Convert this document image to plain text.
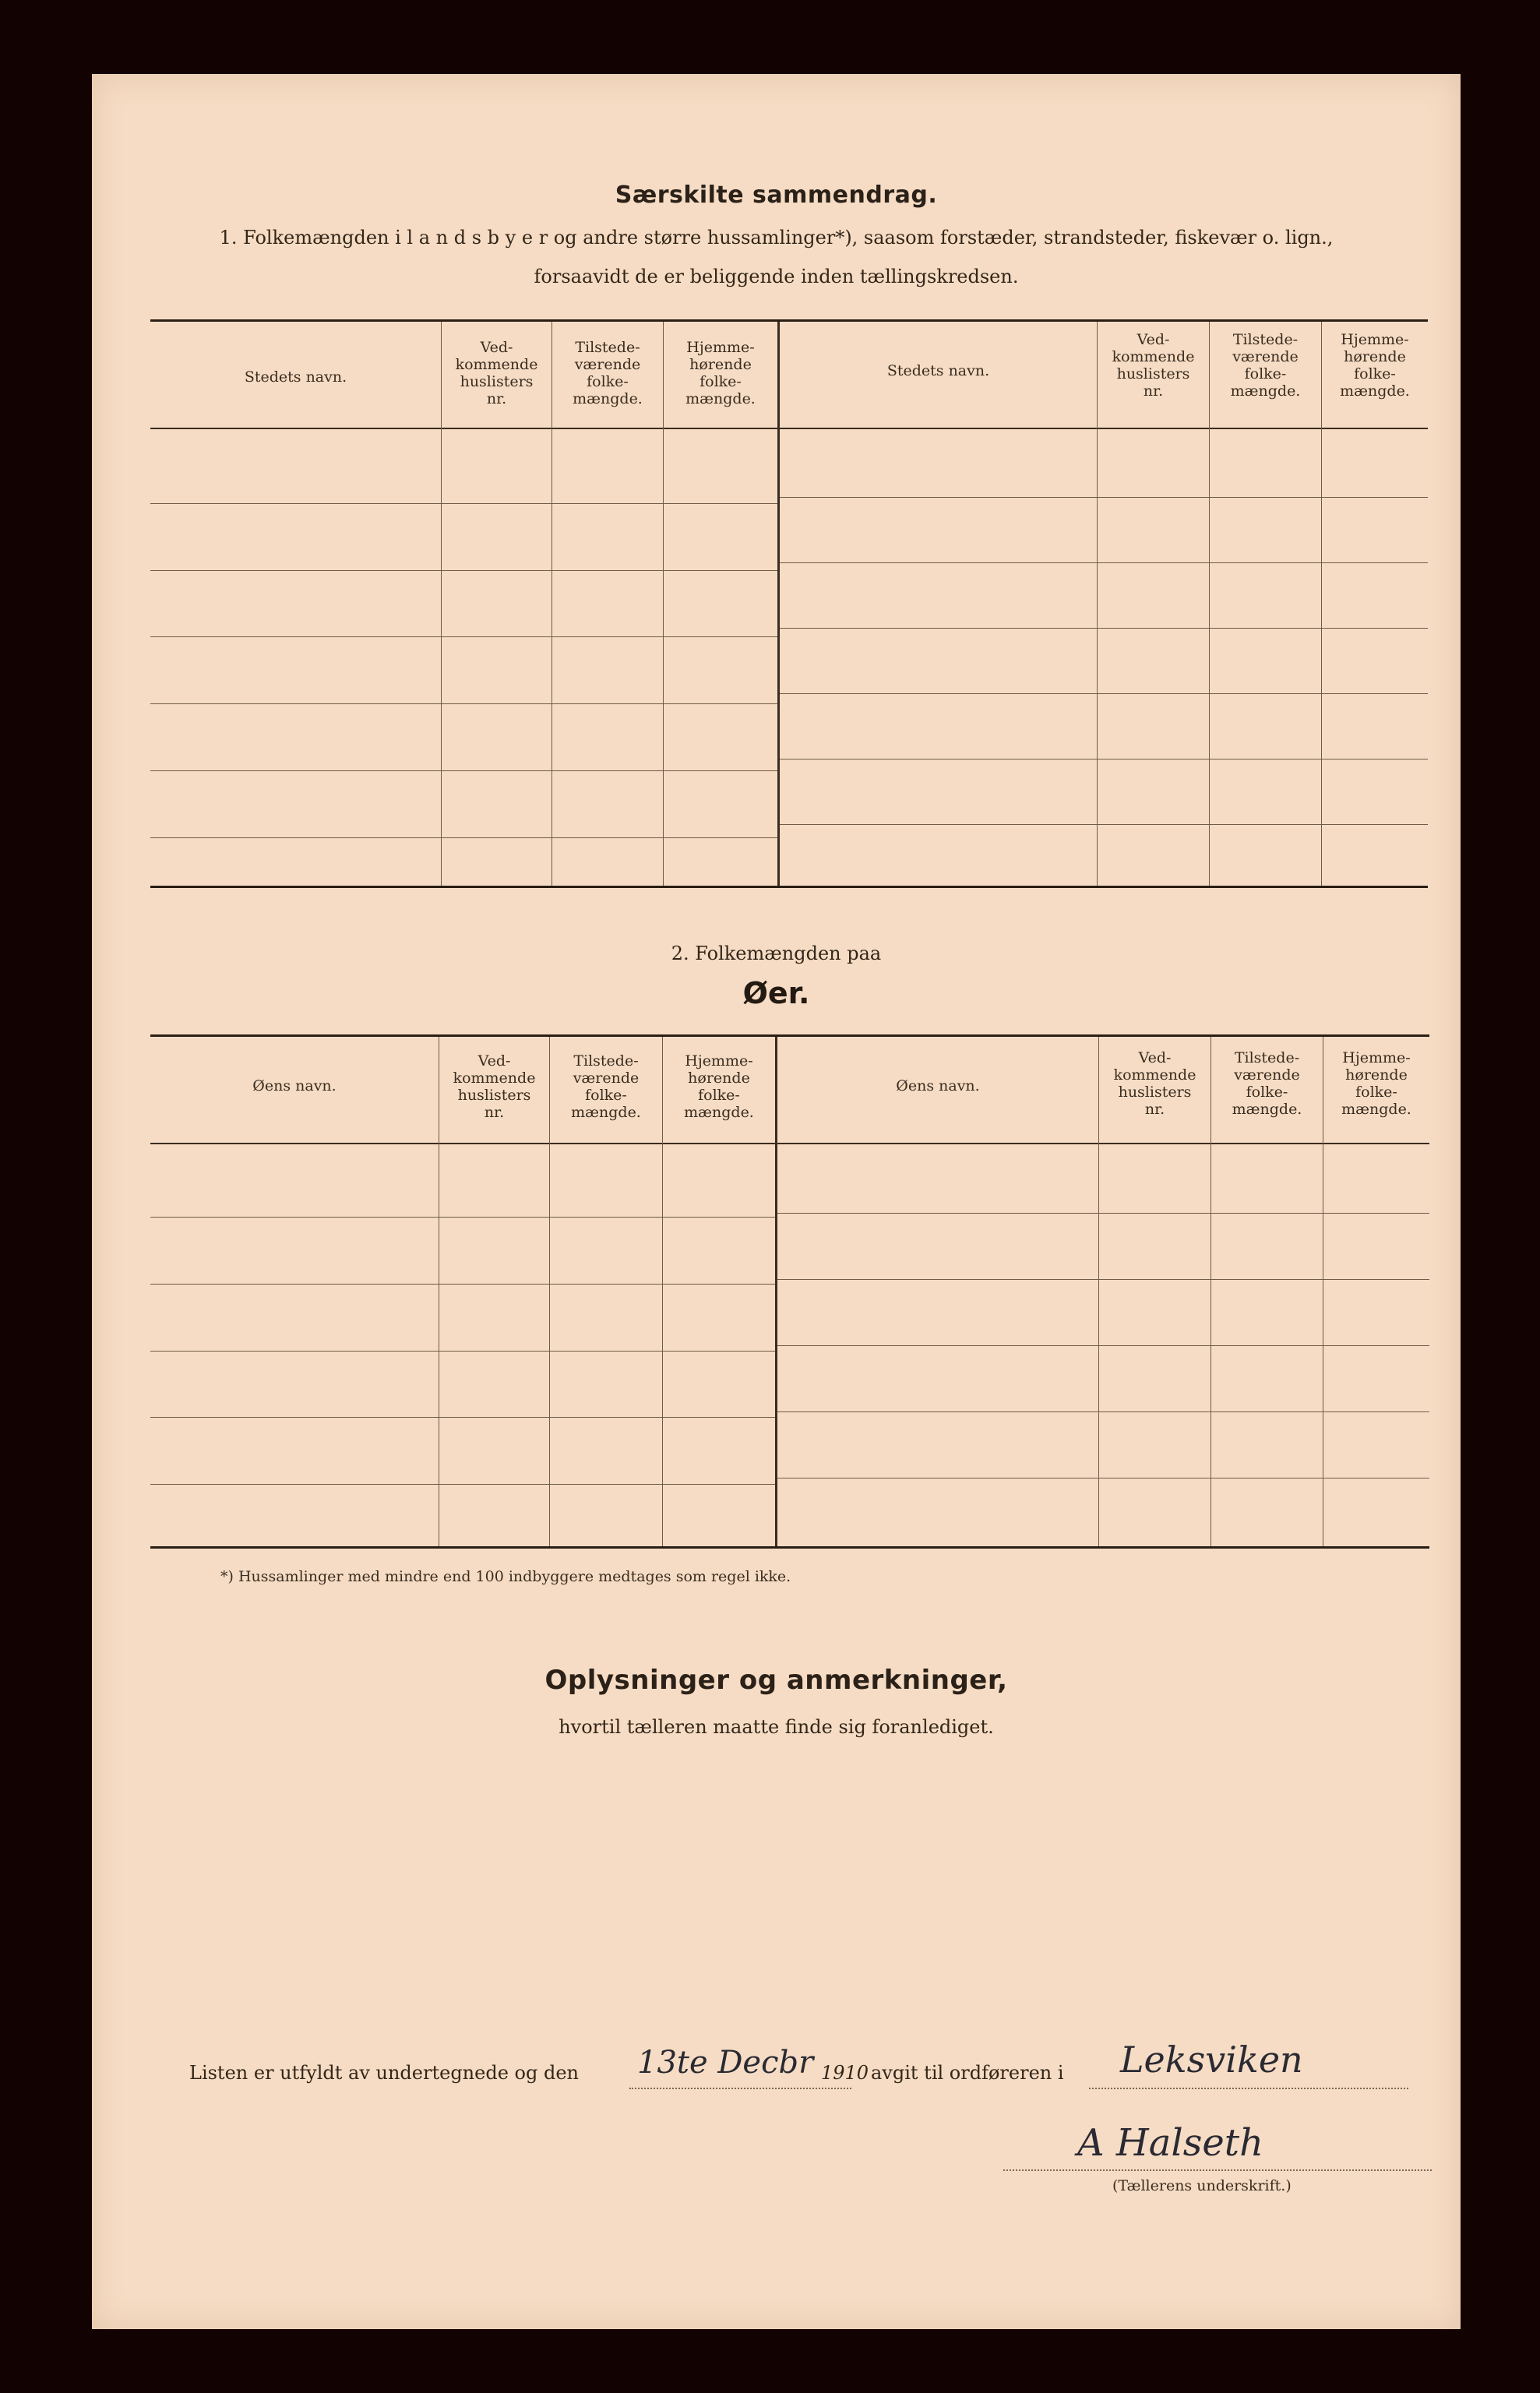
Særskilte sammendrag.
1. Folkemængden i l a n d s b y e r og andre større hussamlinger*), saasom forstæder, strandsteder, fiskevær o. lign.,
forsaavidt de er beliggende inden tællingskredsen.
Stedets navn.
Ved-
kommende
huslisters
nr.
Tilstede-
værende
folke-
mængde.
Hjemme-
hørende
folke-
mængde.
Stedets navn.
Ved-
kommende
huslisters
nr.
Tilstede-
værende
folke-
mængde.
Hjemme-
hørende
folke-
mængde.
2. Folkemængden paa
Øer.
Øens navn.
Ved-
kommende
huslisters
nr.
Tilstede-
værende
folke-
mængde.
Hjemme-
hørende
folke-
mængde.
Øens navn.
Ved-
kommende
huslisters
nr.
Tilstede-
værende
folke-
mængde.
Hjemme-
hørende
folke-
mængde.
*) Hussamlinger med mindre end 100 indbyggere medtages som regel ikke.
Oplysninger og anmerkninger,
hvortil tælleren maatte finde sig foranlediget.
Listen er utfyldt av undertegnede og den 13te Decbr 1910 avgit til ordføreren i Leksviken
A Halseth
(Tællerens underskrift.)
